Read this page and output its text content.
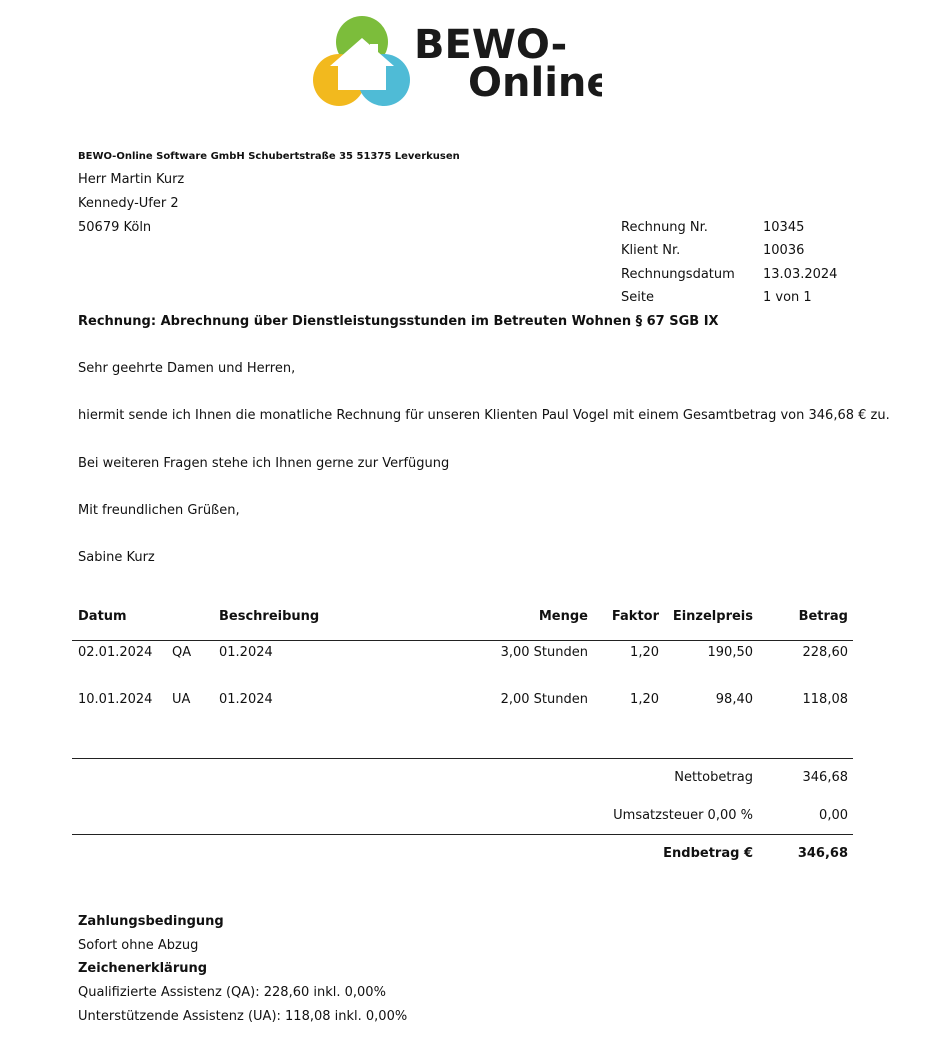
BEWO-
Online
BEWO-Online Software GmbH Schubertstraße 35 51375 Leverkusen
Herr Martin Kurz
Kennedy-Ufer 2
50679 Köln	Rechnung Nr.	10345
Klient Nr.	10036
Rechnungsdatum 13.03.2024
Seite	1 von 1
Rechnung: Abrechnung über Dienstleistungsstunden im Betreuten Wohnen § 67 SGB IX
Sehr geehrte Damen und Herren,
hiermit sende ich Ihnen die monatliche Rechnung für unseren Klienten Paul Vogel mit einem Gesamtbetrag von 346,68 € zu.
Bei weiteren Fragen stehe ich Ihnen gerne zur Verfügung
Mit freundlichen Grüßen,
Sabine Kurz
Datum	Beschreibung	Menge	Faktor	Einzelpreis	Betrag
02.01.2024 QA 01.2024	3,00 Stunden	1,20	190,50	228,60
10.01.2024 UA 01.2024	2,00 Stunden	1,20	98,40	118,08
Nettobetrag	346,68
Umsatzsteuer 0,00 %	0,00
Endbetrag €	346,68
Zahlungsbedingung
Sofort ohne Abzug
Zeichenerklärung
Qualifizierte Assistenz (QA): 228,60 inkl. 0,00%
Unterstützende Assistenz (UA): 118,08 inkl. 0,00%
